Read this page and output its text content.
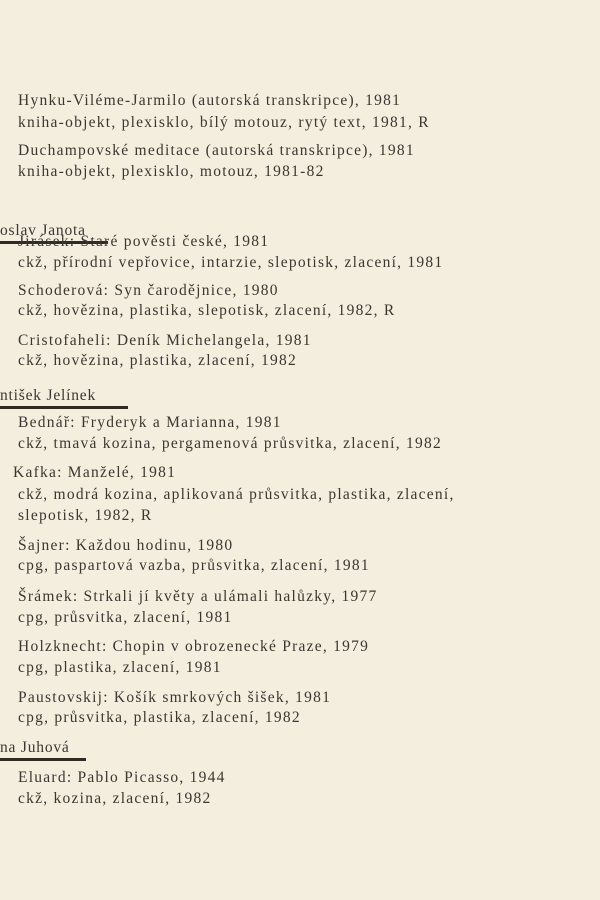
Hynku-Viléme-Jarmilo (autorská transkripce), 1981
kniha-objekt, plexisklo, bílý motouz, rytý text, 1981, R
Duchampovské meditace (autorská transkripce), 1981
kniha-objekt, plexisklo, motouz, 1981-82
oslav Janota
Jirásek: Staré pověsti české, 1981
ckž, přírodní vepřovice, intarzie, slepotisk, zlacení, 1981
Schoderová: Syn čarodějnice, 1980
ckž, hovězina, plastika, slepotisk, zlacení, 1982, R
Cristofaheli: Deník Michelangela, 1981
ckž, hovězina, plastika, zlacení, 1982
ntišek Jelínek
Bednář: Fryderyk a Marianna, 1981
ckž, tmavá kozina, pergamenová průsvitka, zlacení, 1982
Kafka: Manželé, 1981
ckž, modrá kozina, aplikovaná průsvitka, plastika, zlacení,
slepotisk, 1982, R
Šajner: Každou hodinu, 1980
cpg, paspartová vazba, průsvitka, zlacení, 1981
Šrámek: Strkali jí květy a ulámali halůzky, 1977
cpg, průsvitka, zlacení, 1981
Holzknecht: Chopin v obrozenecké Praze, 1979
cpg, plastika, zlacení, 1981
Paustovskij: Košík smrkových šišek, 1981
cpg, průsvitka, plastika, zlacení, 1982
na Juhová
Eluard: Pablo Picasso, 1944
ckž, kozina, zlacení, 1982
